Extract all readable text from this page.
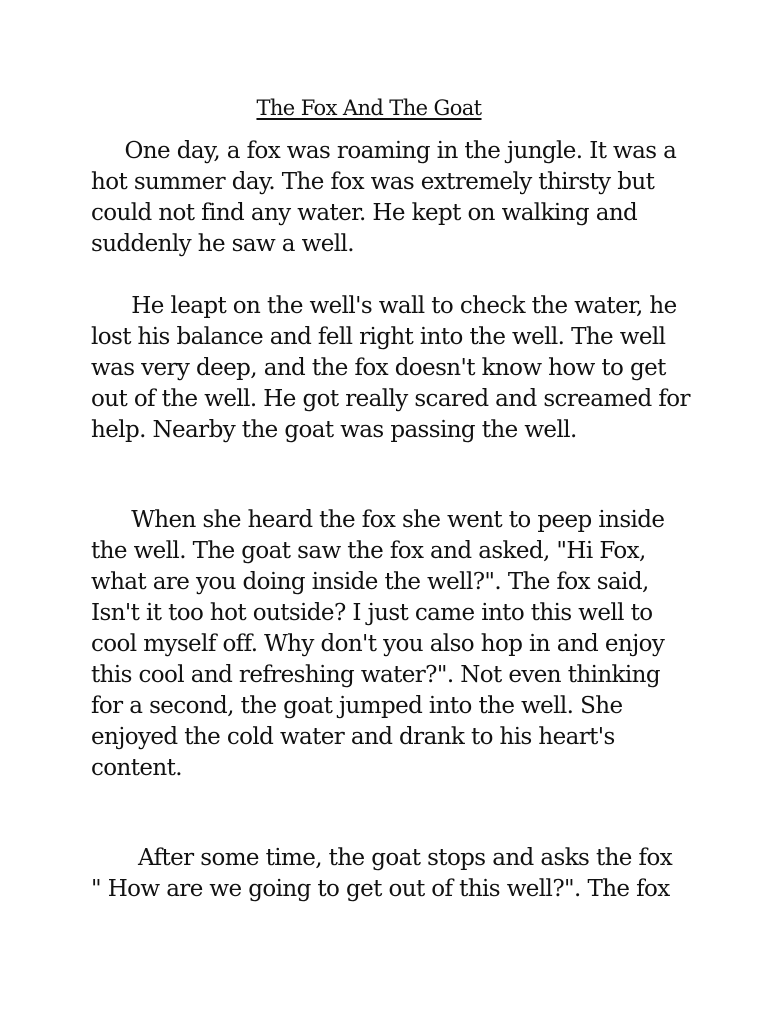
The Fox And The Goat
One day, a fox was roaming in the jungle. It was a
hot summer day. The fox was extremely thirsty but
could not find any water. He kept on walking and
suddenly he saw a well.
He leapt on the well's wall to check the water, he
lost his balance and fell right into the well. The well
was very deep, and the fox doesn't know how to get
out of the well. He got really scared and screamed for
help. Nearby the goat was passing the well.
When she heard the fox she went to peep inside
the well. The goat saw the fox and asked, "Hi Fox,
what are you doing inside the well?". The fox said,
Isn't it too hot outside? I just came into this well to
cool myself off. Why don't you also hop in and enjoy
this cool and refreshing water?". Not even thinking
for a second, the goat jumped into the well. She
enjoyed the cold water and drank to his heart's
content.
After some time, the goat stops and asks the fox
" How are we going to get out of this well?". The fox
